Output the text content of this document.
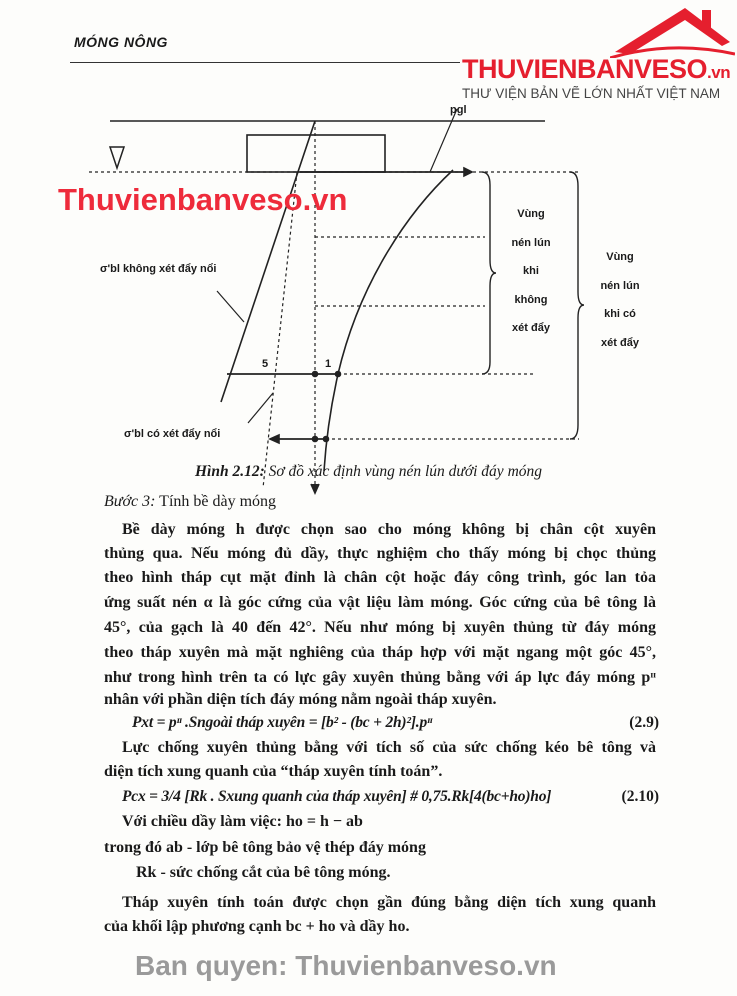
MÓNG NÔNG
THUVIENBANVESO.vn
THƯ VIỆN BẢN VẼ LỚN NHẤT VIỆT NAM
pgl
σ'bl không xét đẩy nổi
σ'bl có xét đẩy nổi
5	1
Vùng
nén lún
khi
không
xét đẩy
Vùng
nén lún
khi có
xét đẩy
Hình 2.12: Sơ đồ xác định vùng nén lún dưới đáy móng
Bước 3: Tính bề dày móng
Bề dày móng h được chọn sao cho móng không bị chân cột xuyên
thủng qua. Nếu móng đủ dầy, thực nghiệm cho thấy móng bị chọc thủng
theo hình tháp cụt mặt đỉnh là chân cột hoặc đáy công trình, góc lan tỏa
ứng suất nén α là góc cứng của vật liệu làm móng. Góc cứng của bê tông là
45°, của gạch là 40 đến 42°. Nếu như móng bị xuyên thủng từ đáy móng
theo tháp xuyên mà mặt nghiêng của tháp hợp với mặt ngang một góc 45°,
như trong hình trên ta có lực gây xuyên thủng bằng với áp lực đáy móng pᶦᶦ
nhân với phần diện tích đáy móng nằm ngoài tháp xuyên.
Pxt = pᶦᶦ .Sngoài tháp xuyên = [b² - (bc + 2h)²].pᶦᶦ	(2.9)
Lực chống xuyên thủng bằng với tích số của sức chống kéo bê tông và
diện tích xung quanh của “tháp xuyên tính toán”.
Pcx = 3/4 [Rk . Sxung quanh của tháp xuyên] # 0,75.Rk[4(bc+ho)ho]	(2.10)
Với chiều dầy làm việc: ho = h − ab
trong đó ab - lớp bê tông bảo vệ thép đáy móng
Rk - sức chống cắt của bê tông móng.
Tháp xuyên tính toán được chọn gần đúng bằng diện tích xung quanh
của khối lập phương cạnh bc + ho và dầy ho.
Thuvienbanveso.vn
Ban quyen: Thuvienbanveso.vn
